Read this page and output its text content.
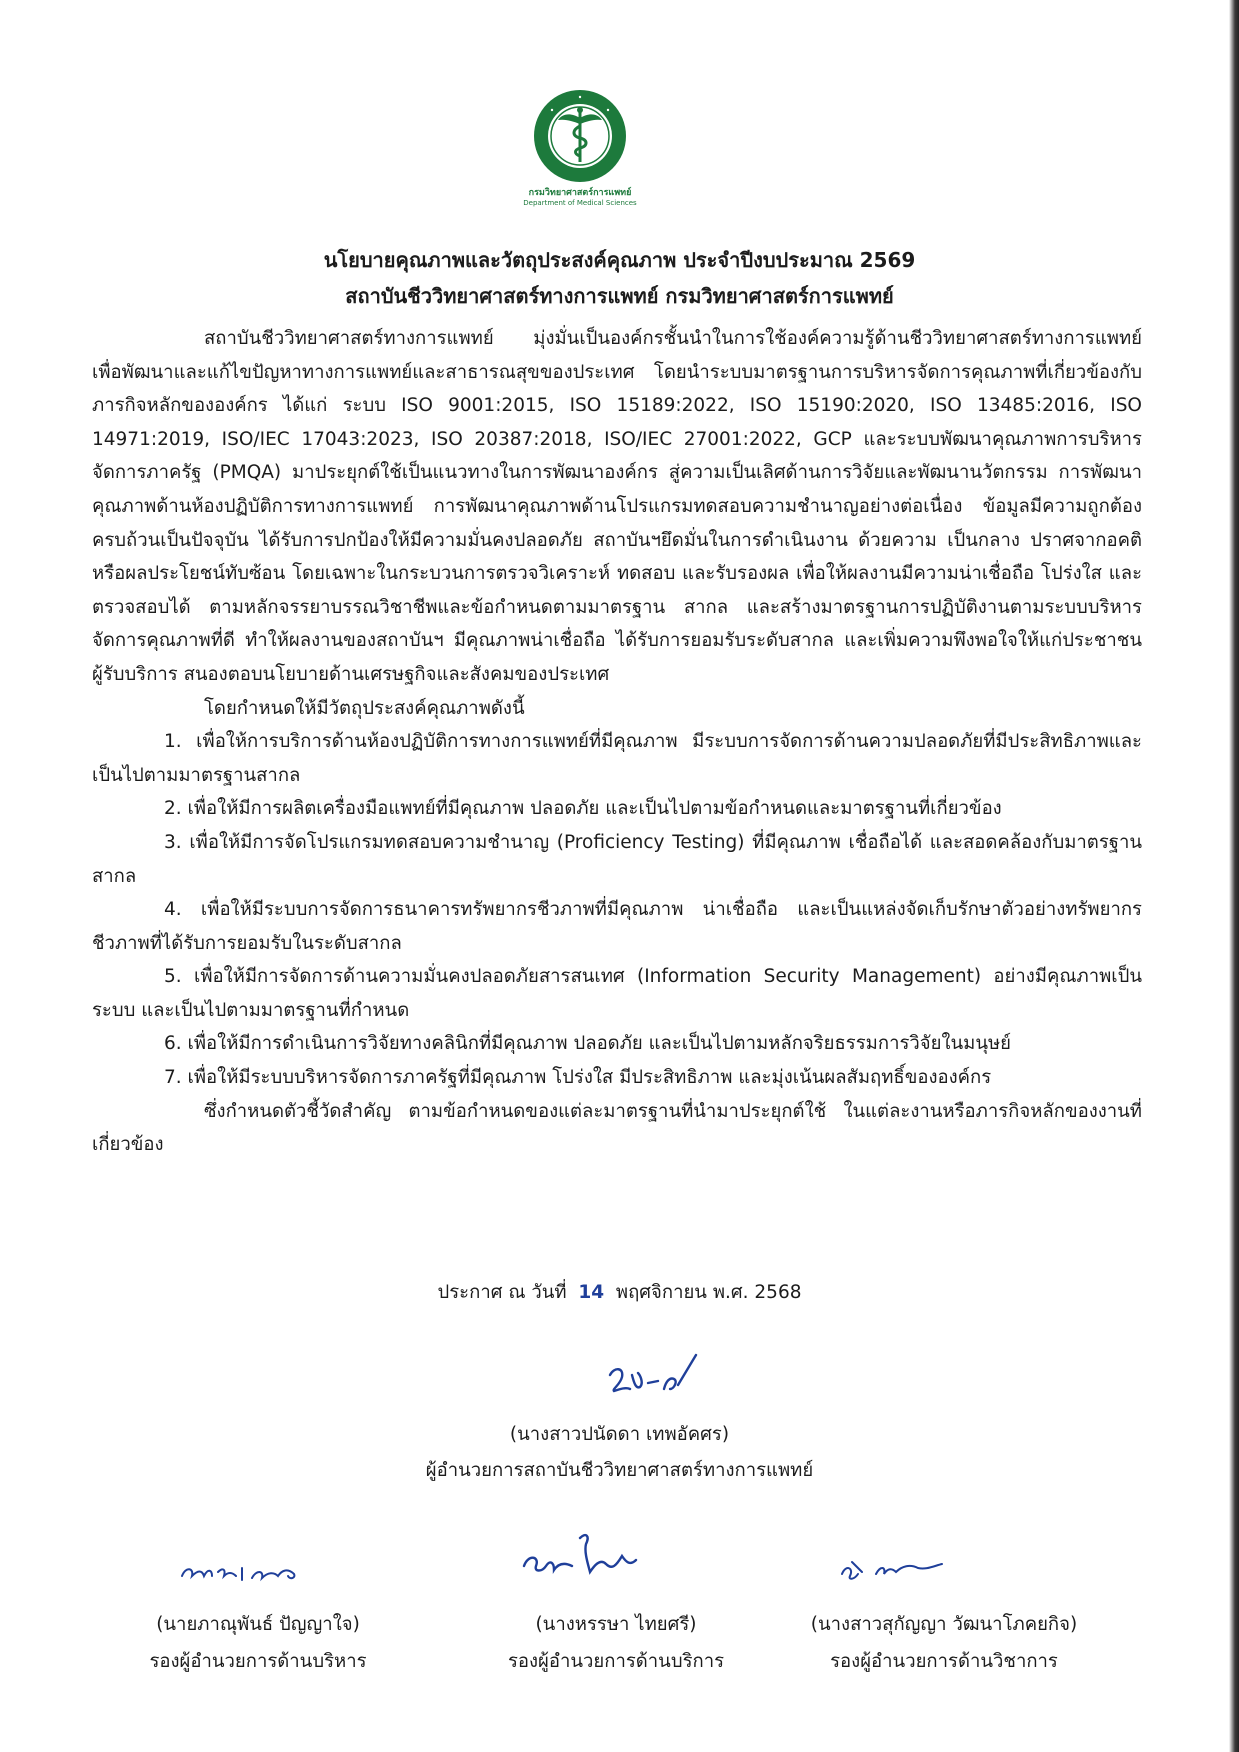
กรมวิทยาศาสตร์การแพทย์
Department of Medical Sciences
นโยบายคุณภาพและวัตถุประสงค์คุณภาพ ประจำปีงบประมาณ 2569
สถาบันชีววิทยาศาสตร์ทางการแพทย์ กรมวิทยาศาสตร์การแพทย์

สถาบันชีววิทยาศาสตร์ทางการแพทย์ มุ่งมั่นเป็นองค์กรชั้นนำในการใช้องค์ความรู้ด้านชีววิทยาศาสตร์ทางการแพทย์ เพื่อพัฒนาและแก้ไขปัญหาทางการแพทย์และสาธารณสุขของประเทศ โดยนำระบบมาตรฐานการบริหารจัดการคุณภาพที่เกี่ยวข้องกับภารกิจหลักขององค์กร ได้แก่ ระบบ ISO 9001:2015, ISO 15189:2022, ISO 15190:2020, ISO 13485:2016, ISO 14971:2019, ISO/IEC 17043:2023, ISO 20387:2018, ISO/IEC 27001:2022, GCP และระบบพัฒนาคุณภาพการบริหารจัดการภาครัฐ (PMQA) มาประยุกต์ใช้เป็นแนวทางในการพัฒนาองค์กร สู่ความเป็นเลิศด้านการวิจัยและพัฒนานวัตกรรม การพัฒนาคุณภาพด้านห้องปฏิบัติการทางการแพทย์ การพัฒนาคุณภาพด้านโปรแกรมทดสอบความชำนาญอย่างต่อเนื่อง ข้อมูลมีความถูกต้องครบถ้วนเป็นปัจจุบัน ได้รับการปกป้องให้มีความมั่นคงปลอดภัย สถาบันฯยึดมั่นในการดำเนินงาน ด้วยความ เป็นกลาง ปราศจากอคติ หรือผลประโยชน์ทับซ้อน โดยเฉพาะในกระบวนการตรวจวิเคราะห์ ทดสอบ และรับรองผล เพื่อให้ผลงานมีความน่าเชื่อถือ โปร่งใส และตรวจสอบได้ ตามหลักจรรยาบรรณวิชาชีพและข้อกำหนดตามมาตรฐาน สากล และสร้างมาตรฐานการปฏิบัติงานตามระบบบริหารจัดการคุณภาพที่ดี ทำให้ผลงานของสถาบันฯ มีคุณภาพน่าเชื่อถือ ได้รับการยอมรับระดับสากล และเพิ่มความพึงพอใจให้แก่ประชาชนผู้รับบริการ สนองตอบนโยบายด้านเศรษฐกิจและสังคมของประเทศ

โดยกำหนดให้มีวัตถุประสงค์คุณภาพดังนี้

1. เพื่อให้การบริการด้านห้องปฏิบัติการทางการแพทย์ที่มีคุณภาพ มีระบบการจัดการด้านความปลอดภัยที่มีประสิทธิภาพและเป็นไปตามมาตรฐานสากล

2. เพื่อให้มีการผลิตเครื่องมือแพทย์ที่มีคุณภาพ ปลอดภัย และเป็นไปตามข้อกำหนดและมาตรฐานที่เกี่ยวข้อง

3. เพื่อให้มีการจัดโปรแกรมทดสอบความชำนาญ (Proficiency Testing) ที่มีคุณภาพ เชื่อถือได้ และสอดคล้องกับมาตรฐานสากล

4. เพื่อให้มีระบบการจัดการธนาคารทรัพยากรชีวภาพที่มีคุณภาพ น่าเชื่อถือ และเป็นแหล่งจัดเก็บรักษาตัวอย่างทรัพยากรชีวภาพที่ได้รับการยอมรับในระดับสากล

5. เพื่อให้มีการจัดการด้านความมั่นคงปลอดภัยสารสนเทศ (Information Security Management) อย่างมีคุณภาพเป็นระบบ และเป็นไปตามมาตรฐานที่กำหนด

6. เพื่อให้มีการดำเนินการวิจัยทางคลินิกที่มีคุณภาพ ปลอดภัย และเป็นไปตามหลักจริยธรรมการวิจัยในมนุษย์

7. เพื่อให้มีระบบบริหารจัดการภาครัฐที่มีคุณภาพ โปร่งใส มีประสิทธิภาพ และมุ่งเน้นผลสัมฤทธิ์ขององค์กร

ซึ่งกำหนดตัวชี้วัดสำคัญ ตามข้อกำหนดของแต่ละมาตรฐานที่นำมาประยุกต์ใช้ ในแต่ละงานหรือภารกิจหลักของงานที่เกี่ยวข้อง

ประกาศ ณ วันที่ 14 พฤศจิกายน พ.ศ. 2568
(นางสาวปนัดดา เทพอัคศร)
ผู้อำนวยการสถาบันชีววิทยาศาสตร์ทางการแพทย์
(นายภาณุพันธ์ ปัญญาใจ)
รองผู้อำนวยการด้านบริหาร
(นางหรรษา ไทยศรี)
รองผู้อำนวยการด้านบริการ
(นางสาวสุกัญญา วัฒนาโภคยกิจ)
รองผู้อำนวยการด้านวิชาการ
